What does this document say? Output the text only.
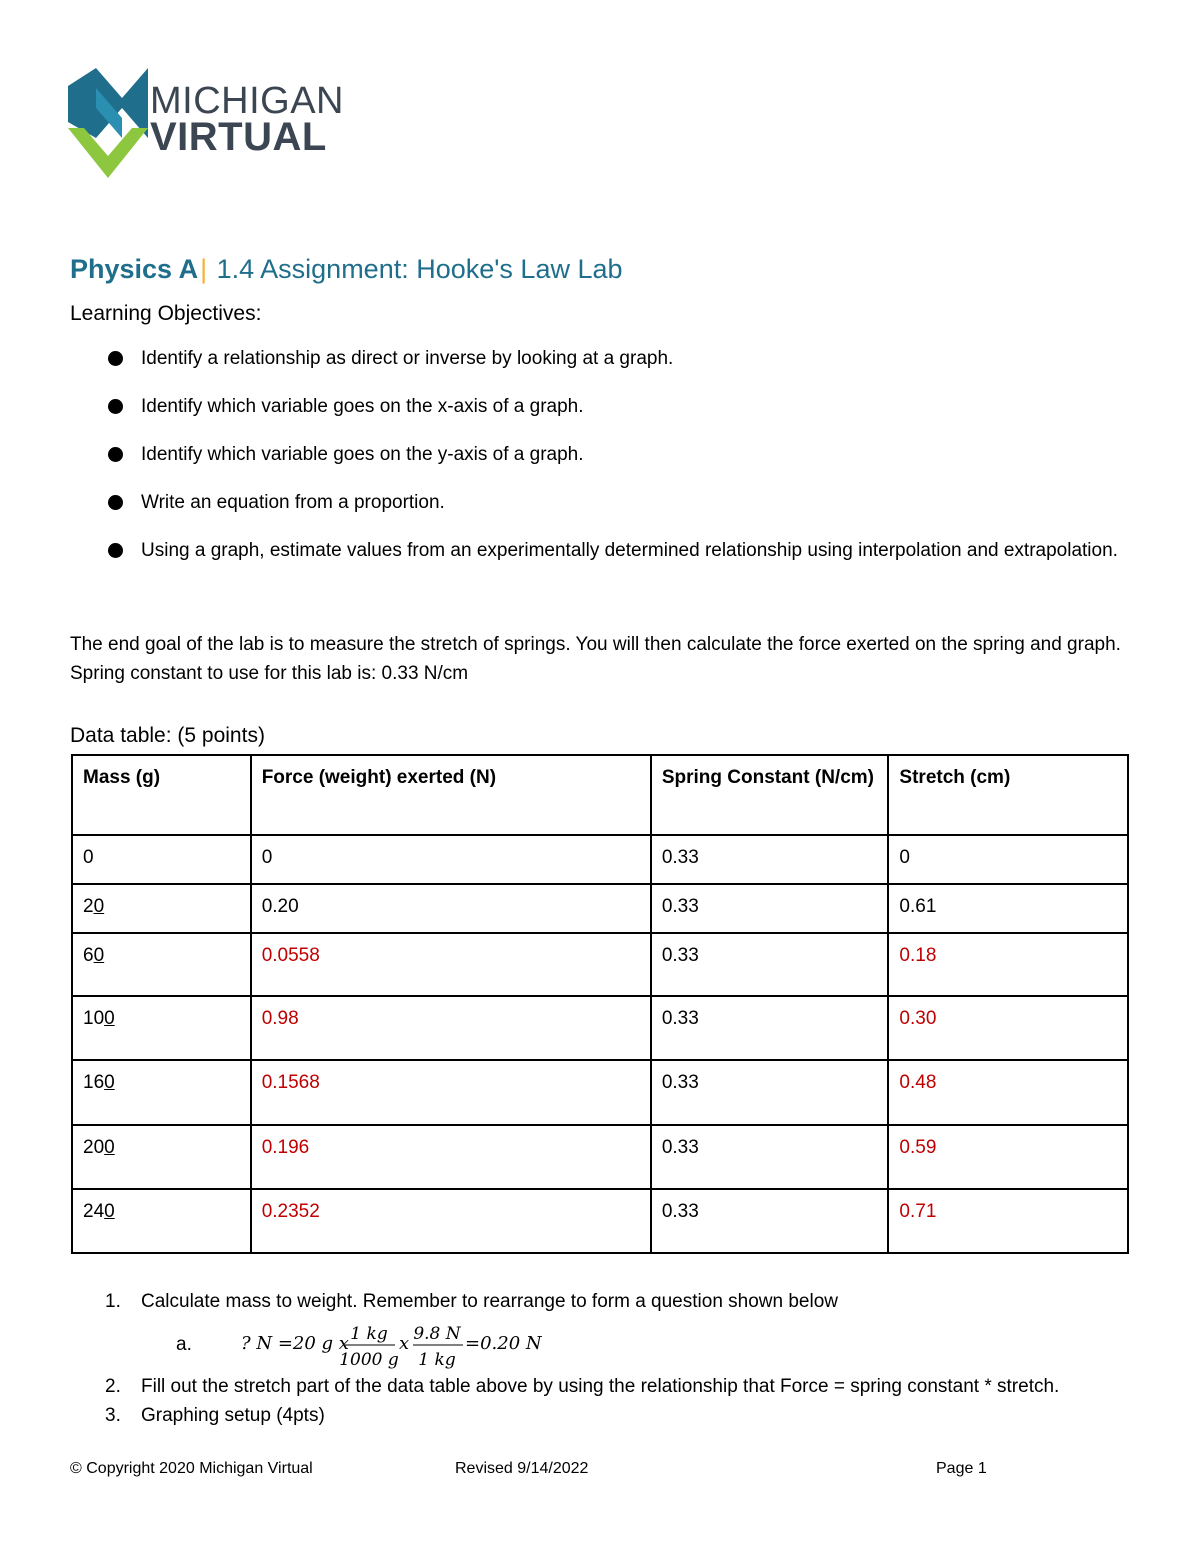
MICHIGAN
VIRTUAL
Physics A| 1.4 Assignment: Hooke's Law Lab
Learning Objectives:
Identify a relationship as direct or inverse by looking at a graph.
Identify which variable goes on the x-axis of a graph.
Identify which variable goes on the y-axis of a graph.
Write an equation from a proportion.
Using a graph, estimate values from an experimentally determined relationship using interpolation and extrapolation.
The end goal of the lab is to measure the stretch of springs. You will then calculate the force exerted on the spring and graph. Spring constant to use for this lab is: 0.33 N/cm
Data table: (5 points)
Mass (g)	Force (weight) exerted (N)	Spring Constant (N/cm)	Stretch (cm)
0	0	0.33	0
20	0.20	0.33	0.61
60	0.0558	0.33	0.18
100	0.98	0.33	0.30
160	0.1568	0.33	0.48
200	0.196	0.33	0.59
240	0.2352	0.33	0.71
1. Calculate mass to weight. Remember to rearrange to form a question shown below
a.	? N =20 g x 1 kg
1000 g
x 9.8 N
1 kg
=0.20 N
2. Fill out the stretch part of the data table above by using the relationship that Force = spring constant * stretch.
3. Graphing setup (4pts)
© Copyright 2020 Michigan Virtual	Revised 9/14/2022	Page 1
